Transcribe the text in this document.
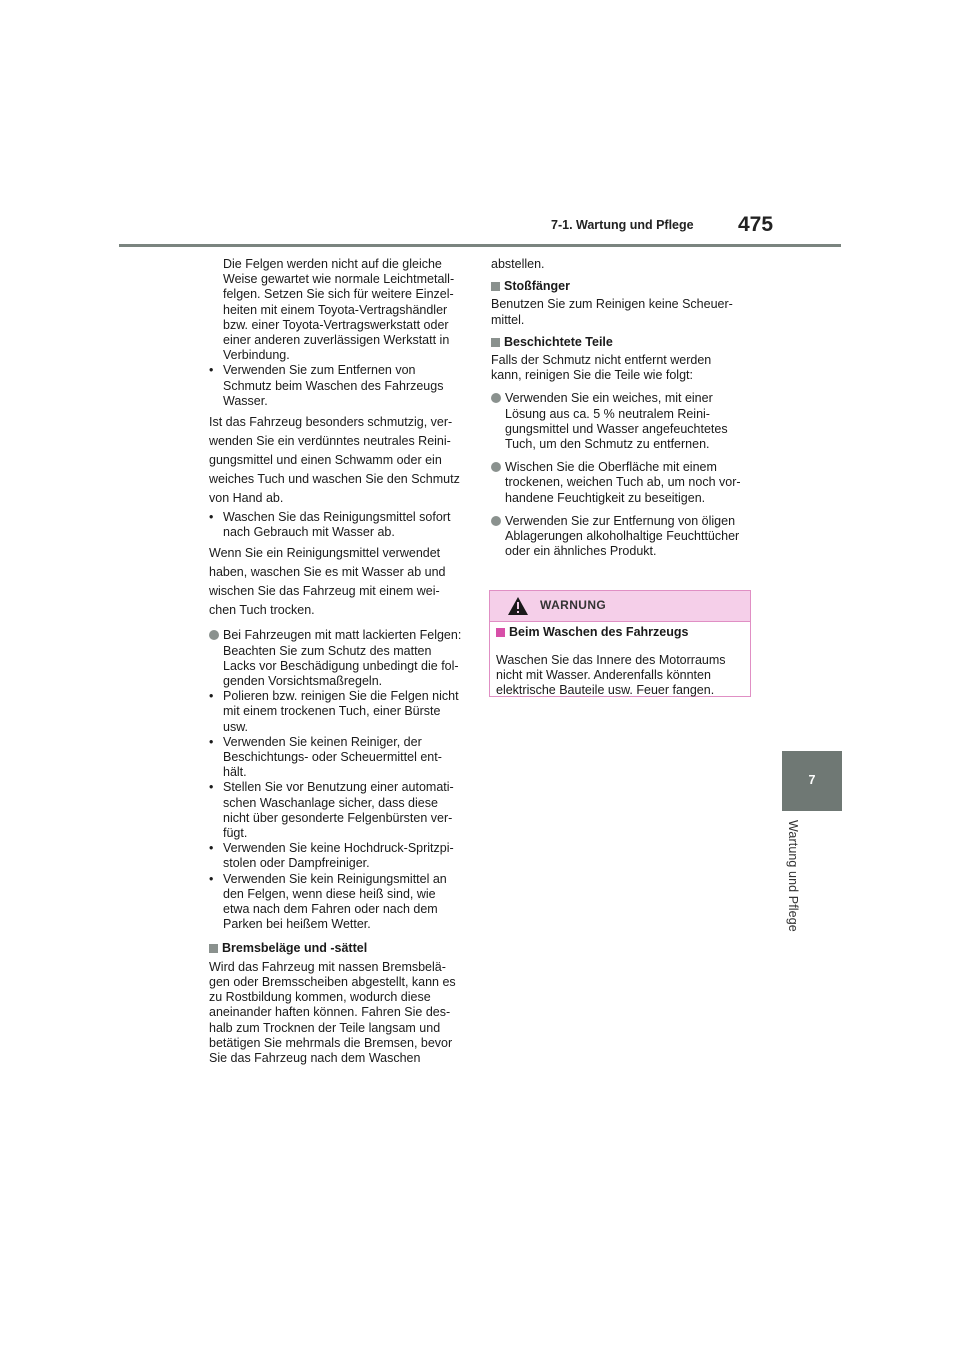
7-1. Wartung und Pflege 475
7
Wartung und Pflege

Die Felgen werden nicht auf die gleiche
Weise gewartet wie normale Leichtmetall-
felgen. Setzen Sie sich für weitere Einzel-
heiten mit einem Toyota-Vertragshändler
bzw. einer Toyota-Vertragswerkstatt oder
einer anderen zuverlässigen Werkstatt in
Verbindung.

• Verwenden Sie zum Entfernen von
Schmutz beim Waschen des Fahrzeugs
Wasser.

Ist das Fahrzeug besonders schmutzig, ver-
wenden Sie ein verdünntes neutrales Reini-
gungsmittel und einen Schwamm oder ein
weiches Tuch und waschen Sie den Schmutz
von Hand ab.

• Waschen Sie das Reinigungsmittel sofort
nach Gebrauch mit Wasser ab.

Wenn Sie ein Reinigungsmittel verwendet
haben, waschen Sie es mit Wasser ab und
wischen Sie das Fahrzeug mit einem wei-
chen Tuch trocken.

Bei Fahrzeugen mit matt lackierten Felgen:
Beachten Sie zum Schutz des matten
Lacks vor Beschädigung unbedingt die fol-
genden Vorsichtsmaßregeln.
• Polieren bzw. reinigen Sie die Felgen nicht
mit einem trockenen Tuch, einer Bürste
usw.
• Verwenden Sie keinen Reiniger, der
Beschichtungs- oder Scheuermittel ent-
hält.
• Stellen Sie vor Benutzung einer automati-
schen Waschanlage sicher, dass diese
nicht über gesonderte Felgenbürsten ver-
fügt.
• Verwenden Sie keine Hochdruck-Spritzpi-
stolen oder Dampfreiniger.
• Verwenden Sie kein Reinigungsmittel an
den Felgen, wenn diese heiß sind, wie
etwa nach dem Fahren oder nach dem
Parken bei heißem Wetter.
Bremsbeläge und -sättel

Wird das Fahrzeug mit nassen Bremsbelä-
gen oder Bremsscheiben abgestellt, kann es
zu Rostbildung kommen, wodurch diese
aneinander haften können. Fahren Sie des-
halb zum Trocknen der Teile langsam und
betätigen Sie mehrmals die Bremsen, bevor
Sie das Fahrzeug nach dem Waschen

abstellen.

Stoßfänger

Benutzen Sie zum Reinigen keine Scheuer-
mittel.

Beschichtete Teile

Falls der Schmutz nicht entfernt werden
kann, reinigen Sie die Teile wie folgt:

Verwenden Sie ein weiches, mit einer
Lösung aus ca. 5 % neutralem Reini-
gungsmittel und Wasser angefeuchtetes
Tuch, um den Schmutz zu entfernen.
Wischen Sie die Oberfläche mit einem
trockenen, weichen Tuch ab, um noch vor-
handene Feuchtigkeit zu beseitigen.
Verwenden Sie zur Entfernung von öligen
Ablagerungen alkoholhaltige Feuchttücher
oder ein ähnliches Produkt.
WARNUNG
Beim Waschen des Fahrzeugs

Waschen Sie das Innere des Motorraums
nicht mit Wasser. Anderenfalls könnten
elektrische Bauteile usw. Feuer fangen.
